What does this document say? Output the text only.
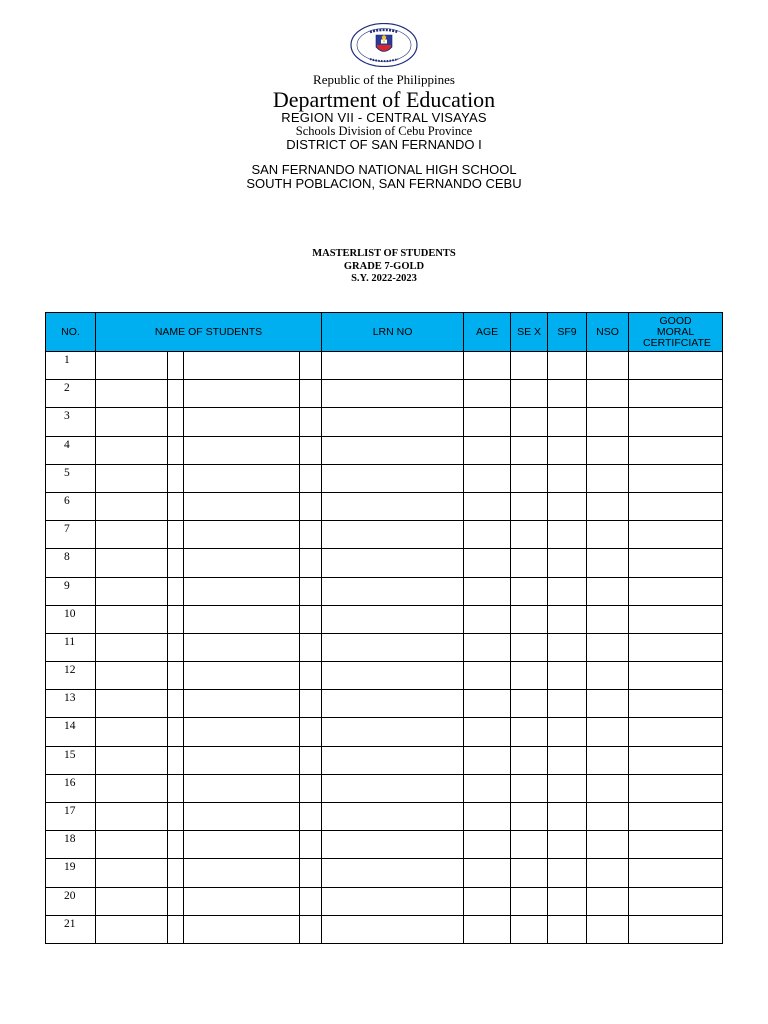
Republic of the Philippines
Department of Education
REGION VII - CENTRAL VISAYAS
Schools Division of Cebu Province
DISTRICT OF SAN FERNANDO I
SAN FERNANDO NATIONAL HIGH SCHOOL
SOUTH POBLACION, SAN FERNANDO CEBU
MASTERLIST OF STUDENTS
GRADE 7-GOLD
S.Y. 2022-2023
NO.	NAME OF STUDENTS				LRN NO	AGE	SE X	SF9	NSO	GOOD MORAL CERTIFCIATE
1										
2										
3										
4										
5										
6										
7										
8										
9										
10										
11										
12										
13										
14										
15										
16										
17										
18										
19										
20										
21										
